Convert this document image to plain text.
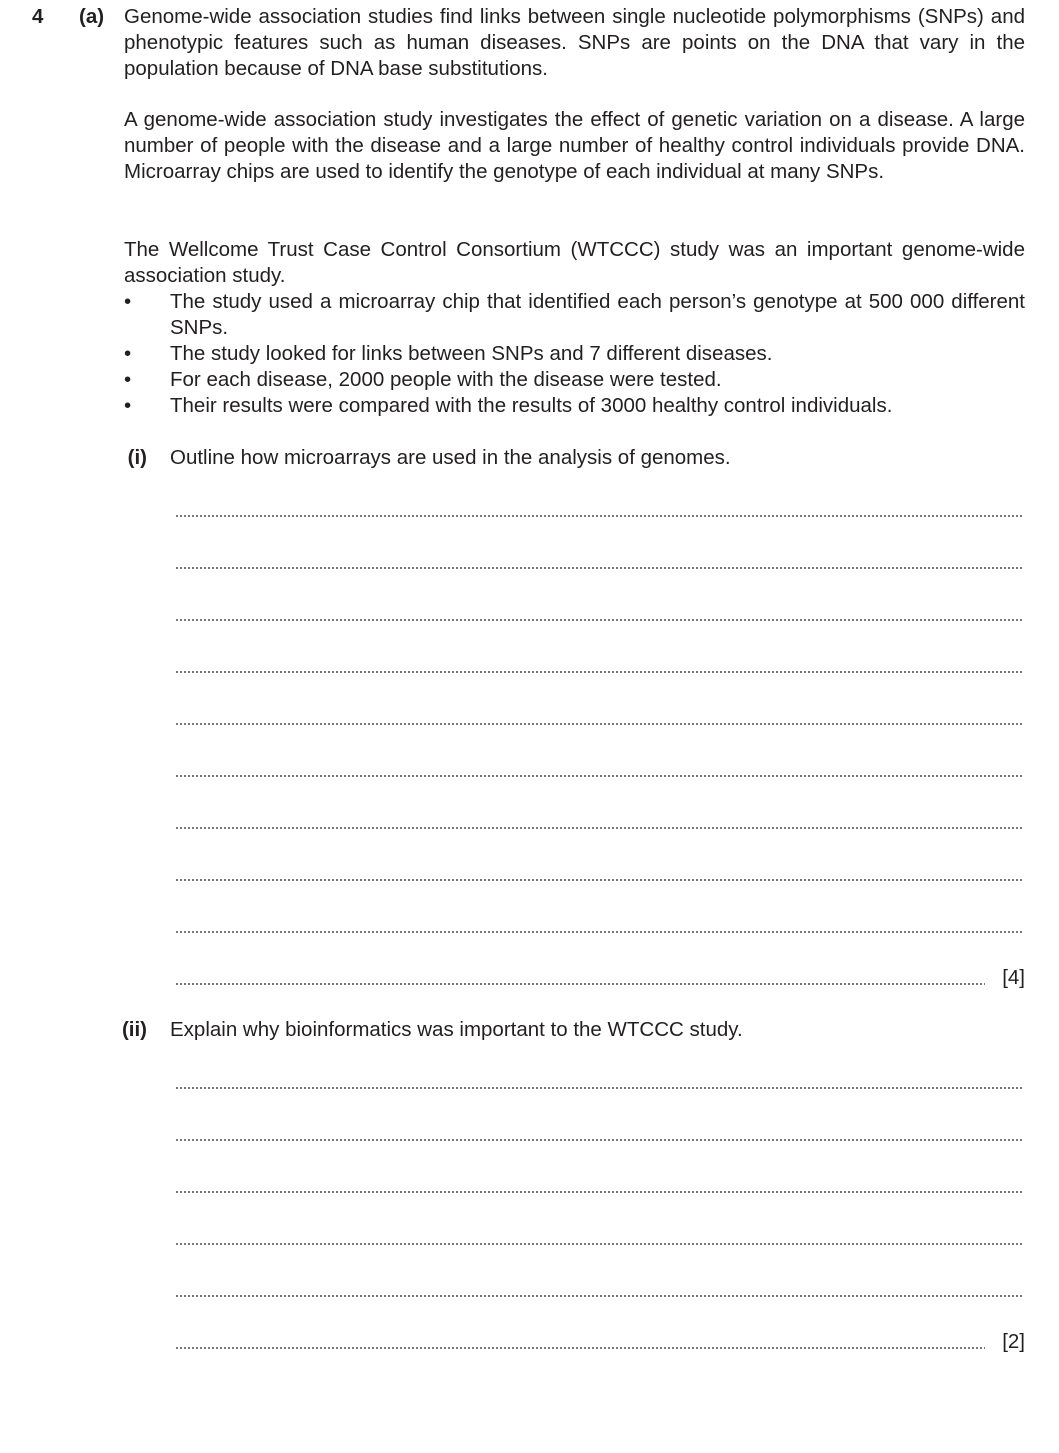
4 (a) Genome-wide association studies find links between single nucleotide polymorphisms (SNPs) and phenotypic features such as human diseases. SNPs are points on the DNA that vary in the population because of DNA base substitutions.

A genome-wide association study investigates the effect of genetic variation on a disease. A large number of people with the disease and a large number of healthy control individuals provide DNA. Microarray chips are used to identify the genotype of each individual at many SNPs.

The Wellcome Trust Case Control Consortium (WTCCC) study was an important genome-wide association study.

• The study used a microarray chip that identified each person’s genotype at 500 000 different SNPs.
• The study looked for links between SNPs and 7 different diseases.
• For each disease, 2000 people with the disease were tested.
• Their results were compared with the results of 3000 healthy control individuals.
(i) Outline how microarrays are used in the analysis of genomes.
[4]
(ii) Explain why bioinformatics was important to the WTCCC study.
[2]
